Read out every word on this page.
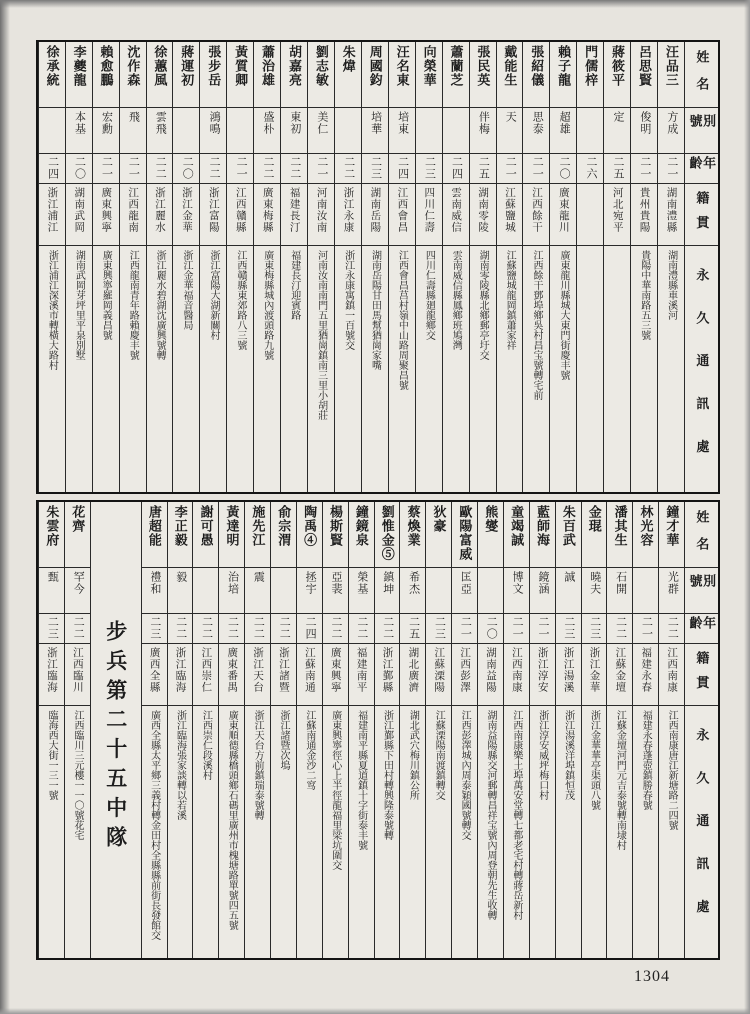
姓名
別號
年齡
籍貫
永久通訊處
汪品三
方成
二一
湖南澧縣
湖南澧縣車溪河
呂思賢
俊明
二一
貴州貴陽
貴陽中華南路五三號
蔣筱平
定
二五
河北宛平
門儒梓
二六
賴子龍
超雄
二〇
廣東龍川
廣東龍川縣城大東門街慶丰號
張紹儀
思泰
二一
江西餘干
江西餘干鄧埠鄉吳村昌宝號轉宅前
戴能生
天
二一
江蘇鹽城
江蘇鹽城龍岡鎮蕭家祥
張民英
伴梅
二五
湖南零陵
湖南零陵縣北鄉郵亭圩交
蕭蘭芝
二四
雲南威信
雲南威信縣鳳鄉班鳩灣
向榮華
二三
四川仁壽
四川仁壽縣廻龍鄉交
汪名東
培東
二四
江西會昌
江西會昌莒村嶺中山路周聚昌號
周國鈞
培華
二三
湖南岳陽
湖南岳陽甘田馬幫猶崗家嘴
朱煒
二二
浙江永康
浙江永康寓鎮一百號交
劉志敏
美仁
二一
河南汝南
河南汝南南門五里猶崗鎮南三里小胡莊
胡嘉亮
東初
二二
福建長汀
福建長汀迎賓路
蕭治雄
盛朴
二二
廣東梅縣
廣東梅縣城內渡頭路九號
黃質卿
二一
江西贛縣
江西贛縣東郊路八三號
張步岳
鴻鳴
二二
浙江富陽
浙江富陽大湖新關村
蔣運初
二〇
浙江金華
浙江金華福音醫局
徐蕙風
雲飛
二二
浙江麗水
浙江麗水碧湖沈廣興號轉
沈作森
飛
二一
江西龍南
江西龍南青年路賴慶丰號
賴愈鵬
宏勳
二一
廣東興寧
廣東興寧羅岡義昌號
李夔龍
本基
二〇
湖南武岡
湖南武岡芽坪里平泉別墅
徐承統
二四
浙江浦江
浙江浦江深溪市轉橫大路村
姓名
別號
年齡
籍貫
永久通訊處
鐘才華
光群
二二
江西南康
江西南康唐江新塘路二四號
林光容
二一
福建永春
福建永春蓬壺鎮勝春號
潘其生
石開
二二
江蘇金壇
江蘇金壇河門元吉泰號轉南埭村
金琨
曉夫
二三
浙江金華
浙江金華華亭渠頭八號
朱百武
誠
二三
浙江湯溪
浙江湯溪洋埠鎮恒茂
藍師海
鏡涵
二一
浙江淳安
浙江淳安威坪梅口村
童竭誠
博文
二一
江西南康
江西南康樂土埠萬安堂轉七都老宅村轉蔣岳新村
熊燮
二〇
湖南益陽
湖南益陽縣交河郵轉昌祥宝號內周登朝先生收轉
歐陽富威
匡亞
二一
江西彭澤
江西彭澤城內周泰穎國號轉交
狄豪
二三
江蘇溧陽
江蘇溧陽南渡鎮轉交
蔡煥業
希杰
二五
湖北廣濟
湖北武穴梅川鎮公所
劉惟金⑤
鎮坤
二二
浙江鄞縣
浙江鄞縣下田村轉興隆泰號轉
鐘鏡泉
榮基
二二
福建南平
福建南平縣夏道鎮十字街泰丰號
楊斯賢
亞裴
二二
廣東興寧
廣東興寧徑心上半徑龍福里梁坑圍交
陶禹④
拯宇
二四
江蘇南通
江蘇南通金沙二窎
俞宗渭
二二
浙江諸暨
浙江諸暨次塢
施先江
震
二二
浙江天台
浙江天台方前鎮瑞泰號轉
黃達明
治培
二二
廣東番禺
廣東順德縣橋頭鄉石碼里廣州市槐塘路單號四五號
謝可愚
二二
江西崇仁
江西崇仁段溪村
李正毅
毅
二二
浙江臨海
浙江臨海張家談轉以若溪
唐超能
禮和
二三
廣西全縣
廣西全縣太平鄉三義村轉金田村全縣縣前街長發館交
步兵第二十五中隊
花齊
罕今
二二
江西臨川
江西臨川三元樓一一〇號花宅
朱雲府
甄
二三
浙江臨海
臨海西大街一三一號
1304
